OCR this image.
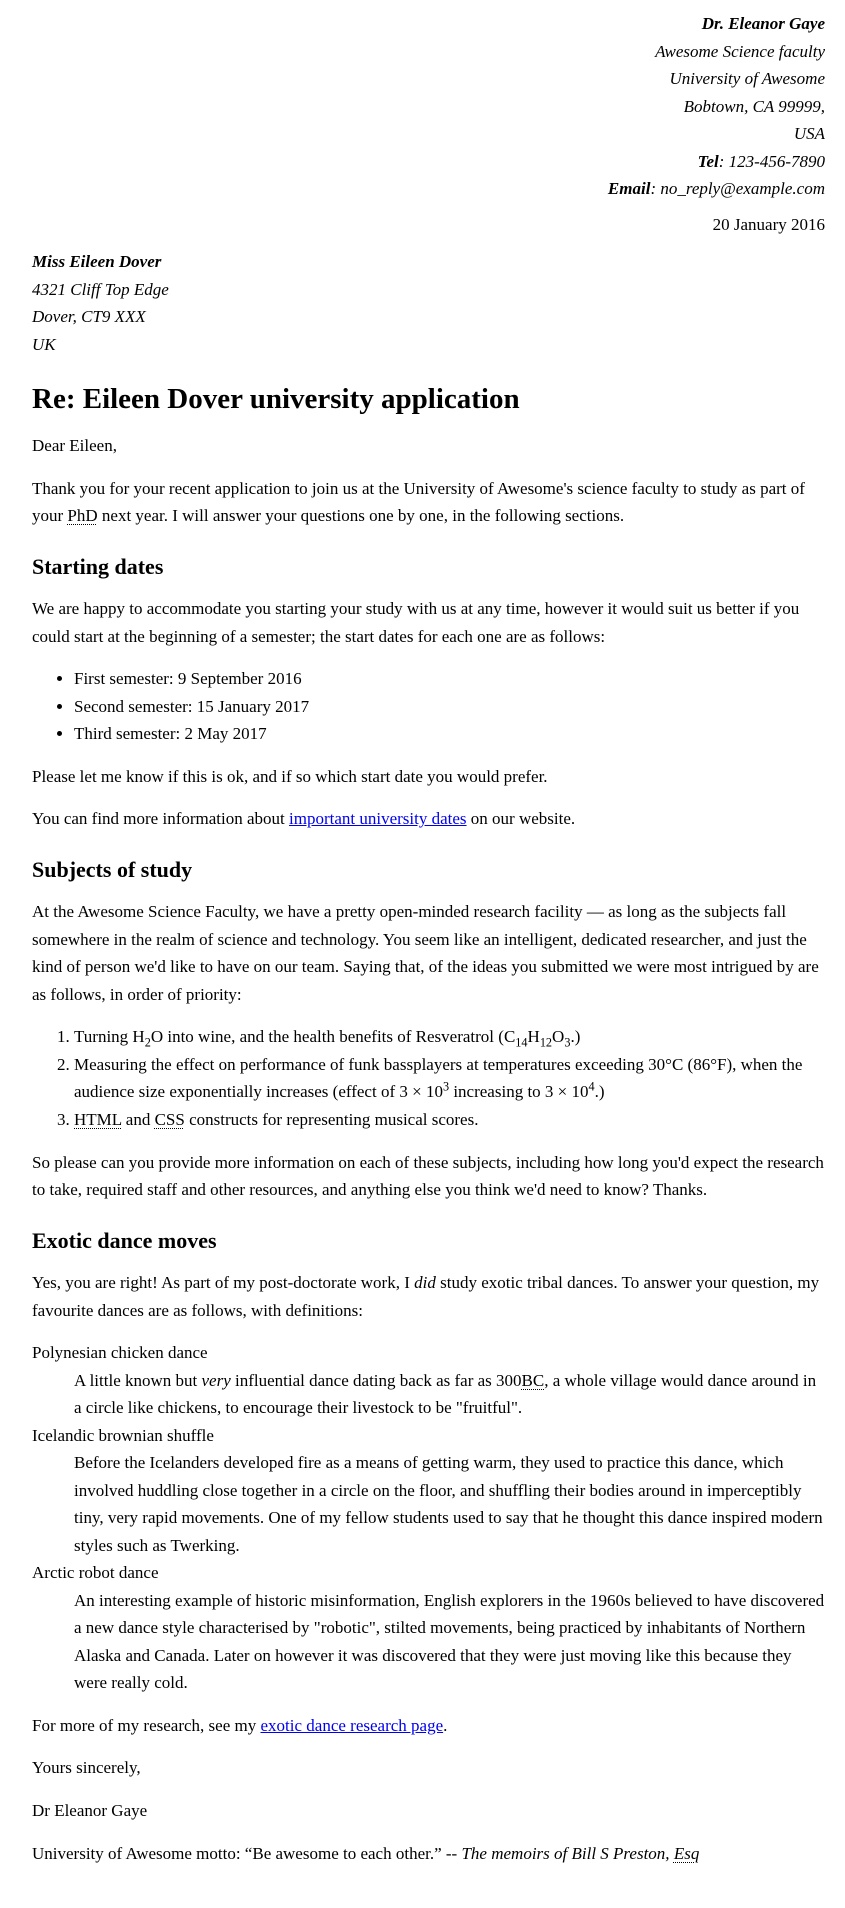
Dr. Eleanor Gaye
Awesome Science faculty
University of Awesome
Bobtown, CA 99999,
USA
Tel: 123-456-7890
Email: no_reply@example.com

20 January 2016

Miss Eileen Dover
4321 Cliff Top Edge
Dover, CT9 XXX
UK
Re: Eileen Dover university application

Dear Eileen,

Thank you for your recent application to join us at the University of Awesome's science faculty to study as part of your PhD next year. I will answer your questions one by one, in the following sections.

Starting dates

We are happy to accommodate you starting your study with us at any time, however it would suit us better if you could start at the beginning of a semester; the start dates for each one are as follows:

• First semester: 9 September 2016
• Second semester: 15 January 2017
• Third semester: 2 May 2017

Please let me know if this is ok, and if so which start date you would prefer.

You can find more information about important university dates on our website.

Subjects of study

At the Awesome Science Faculty, we have a pretty open-minded research facility — as long as the subjects fall somewhere in the realm of science and technology. You seem like an intelligent, dedicated researcher, and just the kind of person we'd like to have on our team. Saying that, of the ideas you submitted we were most intrigued by are as follows, in order of priority:

1. Turning $H_2O$ into wine, and the health benefits of Resveratrol $(C_{14}H_{12}O_3.)$
2. Measuring the effect on performance of funk bassplayers at temperatures exceeding 30°C (86°F), when the audience size exponentially increases (effect of $3 \times 10^3$ increasing to $3 \times 10^4$.)
3. HTML and CSS constructs for representing musical scores.

So please can you provide more information on each of these subjects, including how long you'd expect the research to take, required staff and other resources, and anything else you think we'd need to know? Thanks.

Exotic dance moves

Yes, you are right! As part of my post-doctorate work, I did study exotic tribal dances. To answer your question, my favourite dances are as follows, with definitions:

Polynesian chicken dance
A little known but very influential dance dating back as far as 300BC, a whole village would dance around in a circle like chickens, to encourage their livestock to be "fruitful".
Icelandic brownian shuffle
Before the Icelanders developed fire as a means of getting warm, they used to practice this dance, which involved huddling close together in a circle on the floor, and shuffling their bodies around in imperceptibly tiny, very rapid movements. One of my fellow students used to say that he thought this dance inspired modern styles such as Twerking.
Arctic robot dance
An interesting example of historic misinformation, English explorers in the 1960s believed to have discovered a new dance style characterised by "robotic", stilted movements, being practiced by inhabitants of Northern Alaska and Canada. Later on however it was discovered that they were just moving like this because they were really cold.

For more of my research, see my exotic dance research page.

Yours sincerely,

Dr Eleanor Gaye

University of Awesome motto: “Be awesome to each other.” -- The memoirs of Bill S Preston, Esq
